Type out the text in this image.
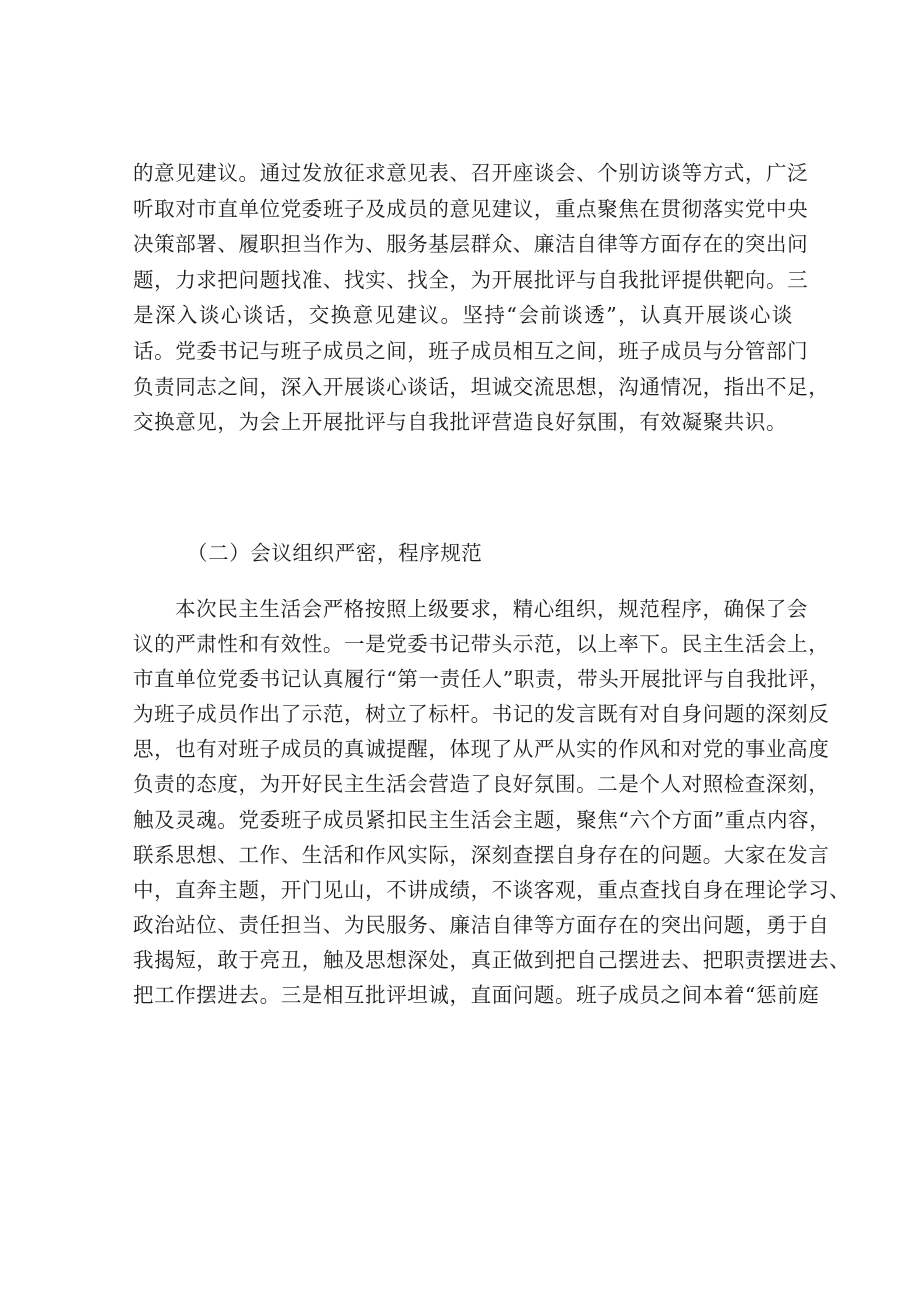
的意见建议。通过发放征求意见表、召开座谈会、个别访谈等方式，广泛
听取对市直单位党委班子及成员的意见建议，重点聚焦在贯彻落实党中央
决策部署、履职担当作为、服务基层群众、廉洁自律等方面存在的突出问
题，力求把问题找准、找实、找全，为开展批评与自我批评提供靶向。三
是深入谈心谈话，交换意见建议。坚持“会前谈透”，认真开展谈心谈
话。党委书记与班子成员之间，班子成员相互之间，班子成员与分管部门
负责同志之间，深入开展谈心谈话，坦诚交流思想，沟通情况，指出不足，
交换意见，为会上开展批评与自我批评营造良好氛围，有效凝聚共识。
（二）会议组织严密，程序规范
本次民主生活会严格按照上级要求，精心组织，规范程序，确保了会
议的严肃性和有效性。一是党委书记带头示范，以上率下。民主生活会上，
市直单位党委书记认真履行“第一责任人”职责，带头开展批评与自我批评，
为班子成员作出了示范，树立了标杆。书记的发言既有对自身问题的深刻反
思，也有对班子成员的真诚提醒，体现了从严从实的作风和对党的事业高度
负责的态度，为开好民主生活会营造了良好氛围。二是个人对照检查深刻，
触及灵魂。党委班子成员紧扣民主生活会主题，聚焦“六个方面”重点内容，
联系思想、工作、生活和作风实际，深刻查摆自身存在的问题。大家在发言
中，直奔主题，开门见山，不讲成绩，不谈客观，重点查找自身在理论学习、
政治站位、责任担当、为民服务、廉洁自律等方面存在的突出问题，勇于自
我揭短，敢于亮丑，触及思想深处，真正做到把自己摆进去、把职责摆进去、
把工作摆进去。三是相互批评坦诚，直面问题。班子成员之间本着“惩前庭
